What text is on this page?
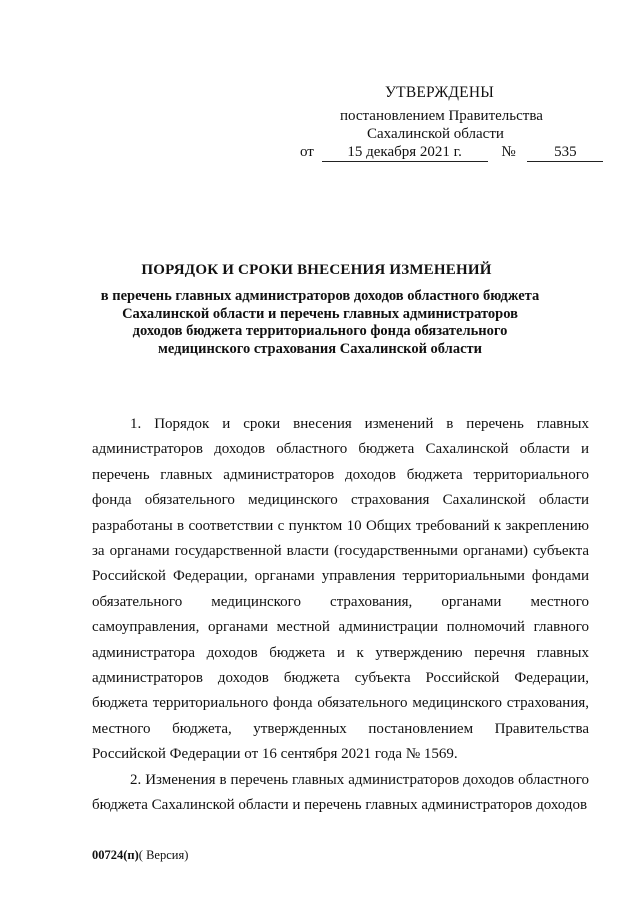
УТВЕРЖДЕНЫ
постановлением Правительства
Сахалинской области
от 15 декабря 2021 г.	№	535
ПОРЯДОК И СРОКИ ВНЕСЕНИЯ ИЗМЕНЕНИЙ
в перечень главных администраторов доходов областного бюджета Сахалинской области и перечень главных администраторов доходов бюджета территориального фонда обязательного медицинского страхования Сахалинской области

1. Порядок и сроки внесения изменений в перечень главных администраторов доходов областного бюджета Сахалинской области и перечень главных администраторов доходов бюджета территориального фонда обязательного медицинского страхования Сахалинской области разработаны в соответствии с пунктом 10 Общих требований к закреплению за органами государственной власти (государственными органами) субъекта Российской Федерации, органами управления территориальными фондами обязательного медицинского страхования, органами местного самоуправления, органами местной администрации полномочий главного администратора доходов бюджета и к утверждению перечня главных администраторов доходов бюджета субъекта Российской Федерации, бюджета территориального фонда обязательного медицинского страхования, местного бюджета, утвержденных постановлением Правительства Российской Федерации от 16 сентября 2021 года № 1569.

2. Изменения в перечень главных администраторов доходов областного бюджета Сахалинской области и перечень главных администраторов доходов

00724(п)( Версия)
